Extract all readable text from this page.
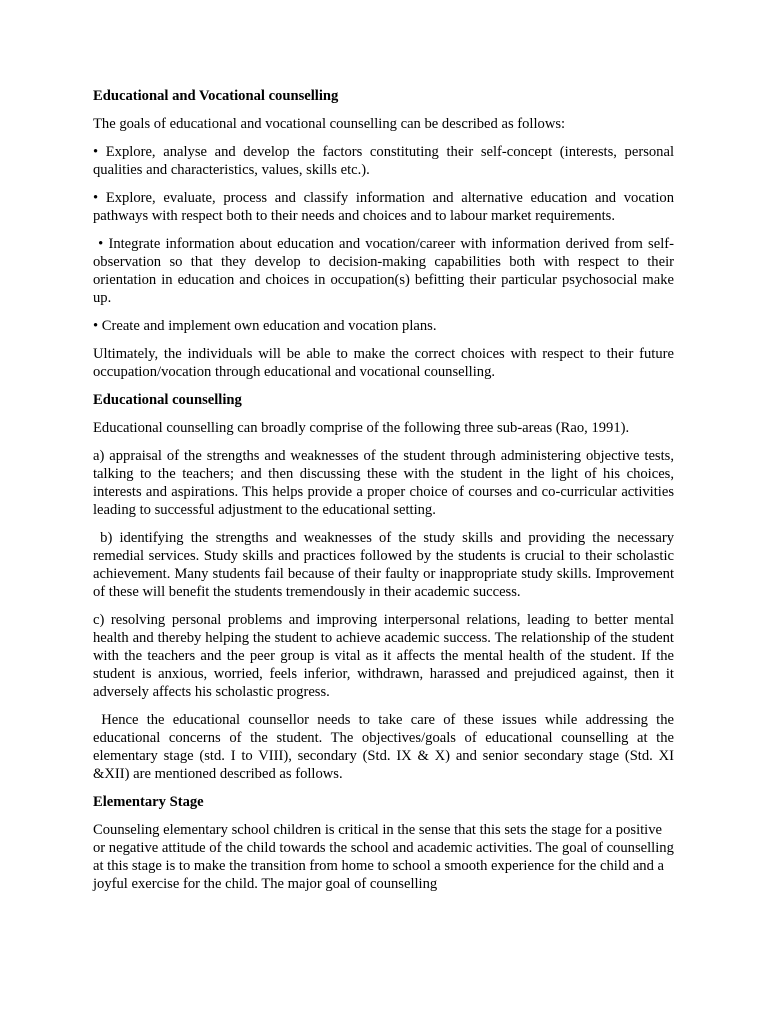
Educational and Vocational counselling

The goals of educational and vocational counselling can be described as follows:

• Explore, analyse and develop the factors constituting their self-concept (interests, personal qualities and characteristics, values, skills etc.).

• Explore, evaluate, process and classify information and alternative education and vocation pathways with respect both to their needs and choices and to labour market requirements.

• Integrate information about education and vocation/career with information derived from self-observation so that they develop to decision-making capabilities both with respect to their orientation in education and choices in occupation(s) befitting their particular psychosocial make up.

• Create and implement own education and vocation plans.

Ultimately, the individuals will be able to make the correct choices with respect to their future occupation/vocation through educational and vocational counselling.

Educational counselling

Educational counselling can broadly comprise of the following three sub-areas (Rao, 1991).

a) appraisal of the strengths and weaknesses of the student through administering objective tests, talking to the teachers; and then discussing these with the student in the light of his choices, interests and aspirations. This helps provide a proper choice of courses and co-curricular activities leading to successful adjustment to the educational setting.

b) identifying the strengths and weaknesses of the study skills and providing the necessary remedial services. Study skills and practices followed by the students is crucial to their scholastic achievement. Many students fail because of their faulty or inappropriate study skills. Improvement of these will benefit the students tremendously in their academic success.

c) resolving personal problems and improving interpersonal relations, leading to better mental health and thereby helping the student to achieve academic success. The relationship of the student with the teachers and the peer group is vital as it affects the mental health of the student. If the student is anxious, worried, feels inferior, withdrawn, harassed and prejudiced against, then it adversely affects his scholastic progress.

Hence the educational counsellor needs to take care of these issues while addressing the educational concerns of the student. The objectives/goals of educational counselling at the elementary stage (std. I to VIII), secondary (Std. IX & X) and senior secondary stage (Std. XI &XII) are mentioned described as follows.

Elementary Stage

Counseling elementary school children is critical in the sense that this sets the stage for a positive or negative attitude of the child towards the school and academic activities. The goal of counselling at this stage is to make the transition from home to school a smooth experience for the child and a joyful exercise for the child. The major goal of counselling
